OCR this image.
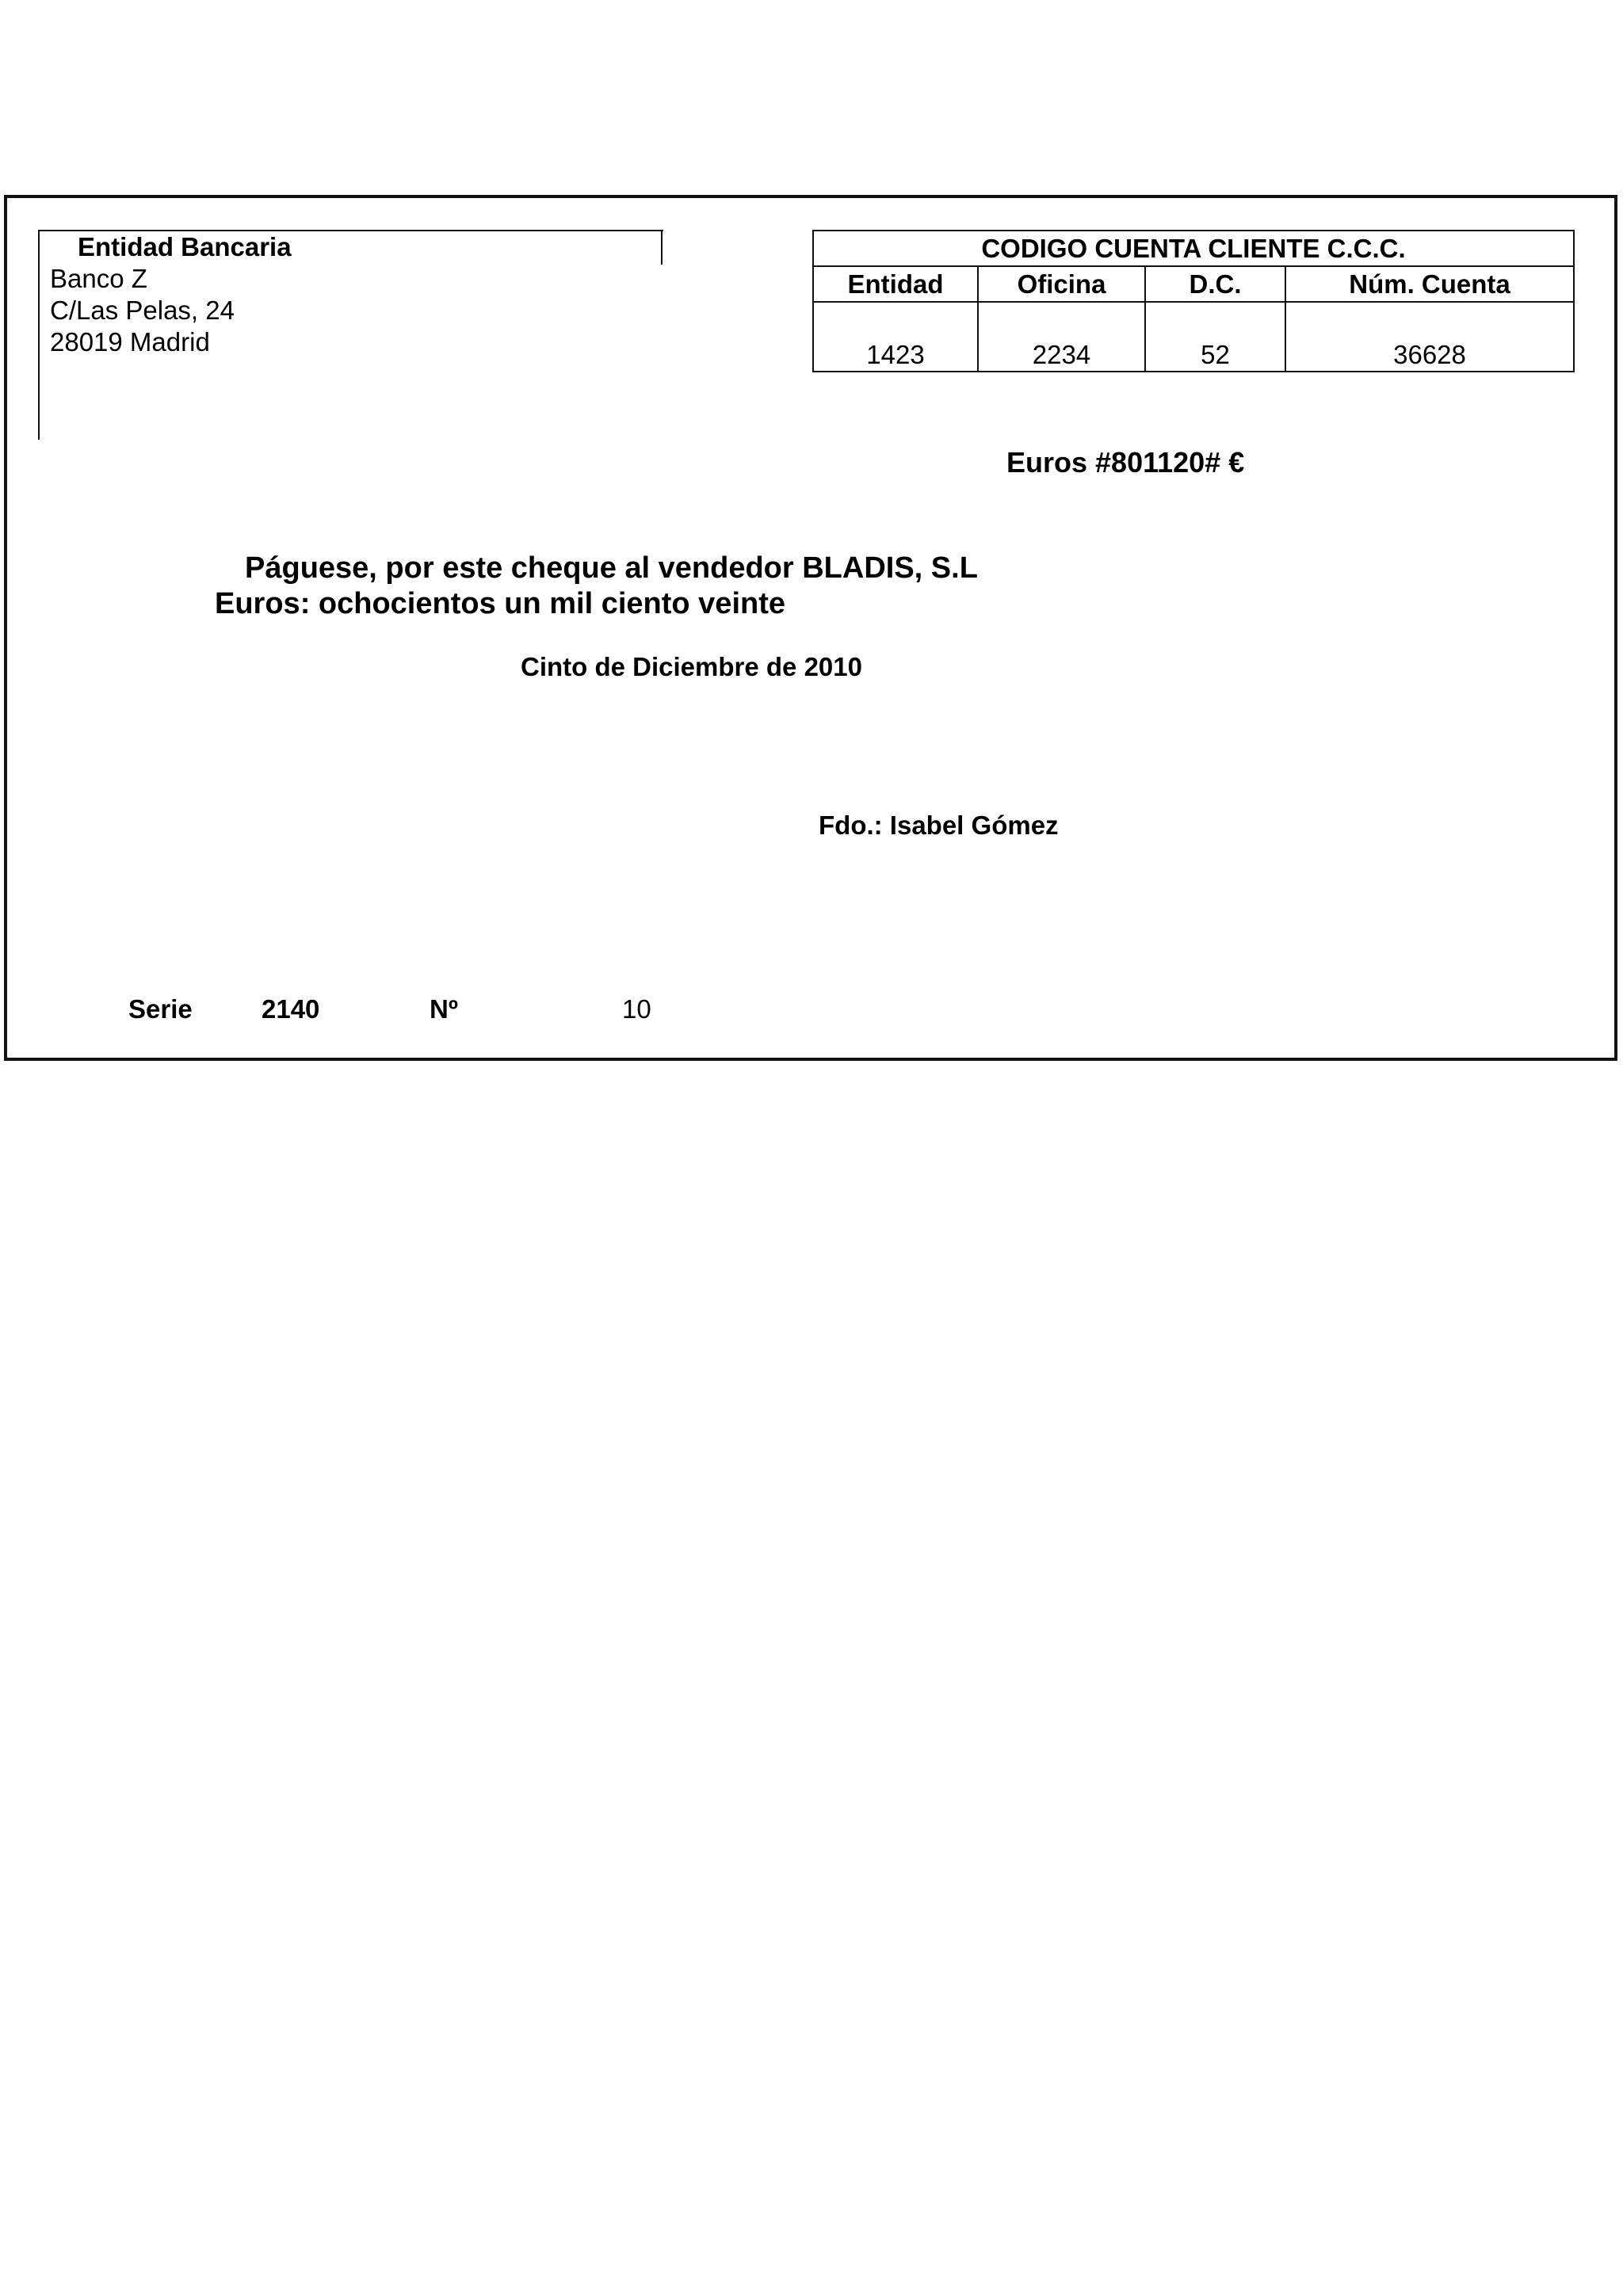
Entidad Bancaria
Banco Z
C/Las Pelas, 24
28019 Madrid
CODIGO CUENTA CLIENTE C.C.C.			
Entidad	Oficina	D.C.	Núm. Cuenta
1423	2234	52	36628
Euros #801120# €
Páguese, por este cheque al vendedor BLADIS, S.L
Euros: ochocientos un mil ciento veinte
Cinto de Diciembre de 2010
Fdo.: Isabel Gómez
Serie	2140	Nº	10
